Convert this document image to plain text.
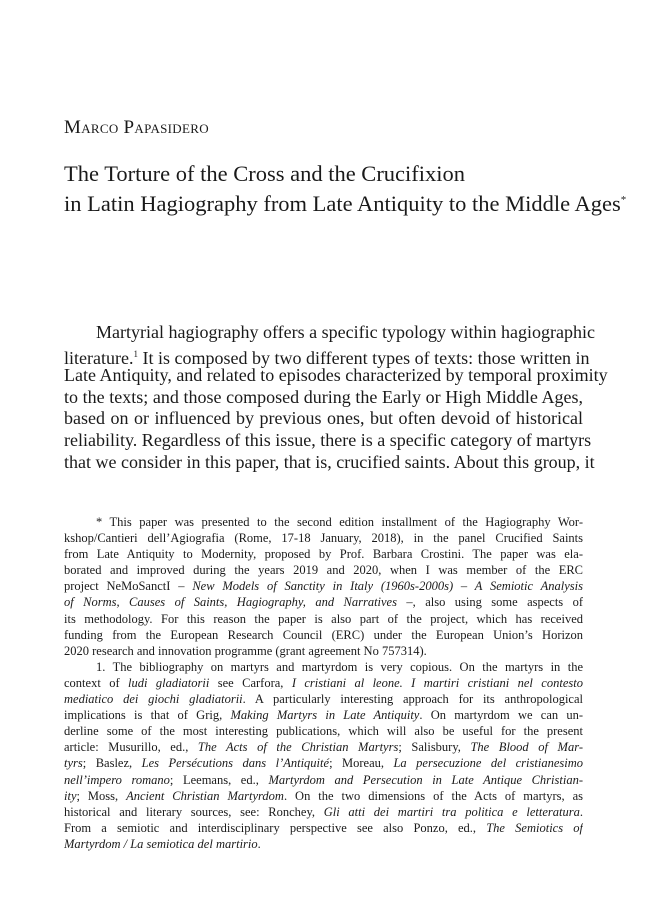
Marco Papasidero
The Torture of the Cross and the Crucifixion
in Latin Hagiography from Late Antiquity to the Middle Ages*
Martyrial hagiography offers a specific typology within hagiographic
literature.$^1$ It is composed by two different types of texts: those written in
Late Antiquity, and related to episodes characterized by temporal proximity
to the texts; and those composed during the Early or High Middle Ages,
based on or influenced by previous ones, but often devoid of historical
reliability. Regardless of this issue, there is a specific category of martyrs
that we consider in this paper, that is, crucified saints. About this group, it
* This paper was presented to the second edition installment of the Hagiography Wor-
kshop/Cantieri dell’Agiografia (Rome, 17-18 January, 2018), in the panel Crucified Saints
from Late Antiquity to Modernity, proposed by Prof. Barbara Crostini. The paper was ela-
borated and improved during the years 2019 and 2020, when I was member of the ERC
project NeMoSanctI – New Models of Sanctity in Italy (1960s-2000s) – A Semiotic Analysis
of Norms, Causes of Saints, Hagiography, and Narratives –, also using some aspects of
its methodology. For this reason the paper is also part of the project, which has received
funding from the European Research Council (ERC) under the European Union’s Horizon
2020 research and innovation programme (grant agreement No 757314).
1. The bibliography on martyrs and martyrdom is very copious. On the martyrs in the
context of ludi gladiatorii see Carfora, I cristiani al leone. I martiri cristiani nel contesto
mediatico dei giochi gladiatorii. A particularly interesting approach for its anthropological
implications is that of Grig, Making Martyrs in Late Antiquity. On martyrdom we can un-
derline some of the most interesting publications, which will also be useful for the present
article: Musurillo, ed., The Acts of the Christian Martyrs; Salisbury, The Blood of Mar-
tyrs; Baslez, Les Persécutions dans l’Antiquité; Moreau, La persecuzione del cristianesimo
nell’impero romano; Leemans, ed., Martyrdom and Persecution in Late Antique Christian-
ity; Moss, Ancient Christian Martyrdom. On the two dimensions of the Acts of martyrs, as
historical and literary sources, see: Ronchey, Gli atti dei martiri tra politica e letteratura.
From a semiotic and interdisciplinary perspective see also Ponzo, ed., The Semiotics of
Martyrdom / La semiotica del martirio.
